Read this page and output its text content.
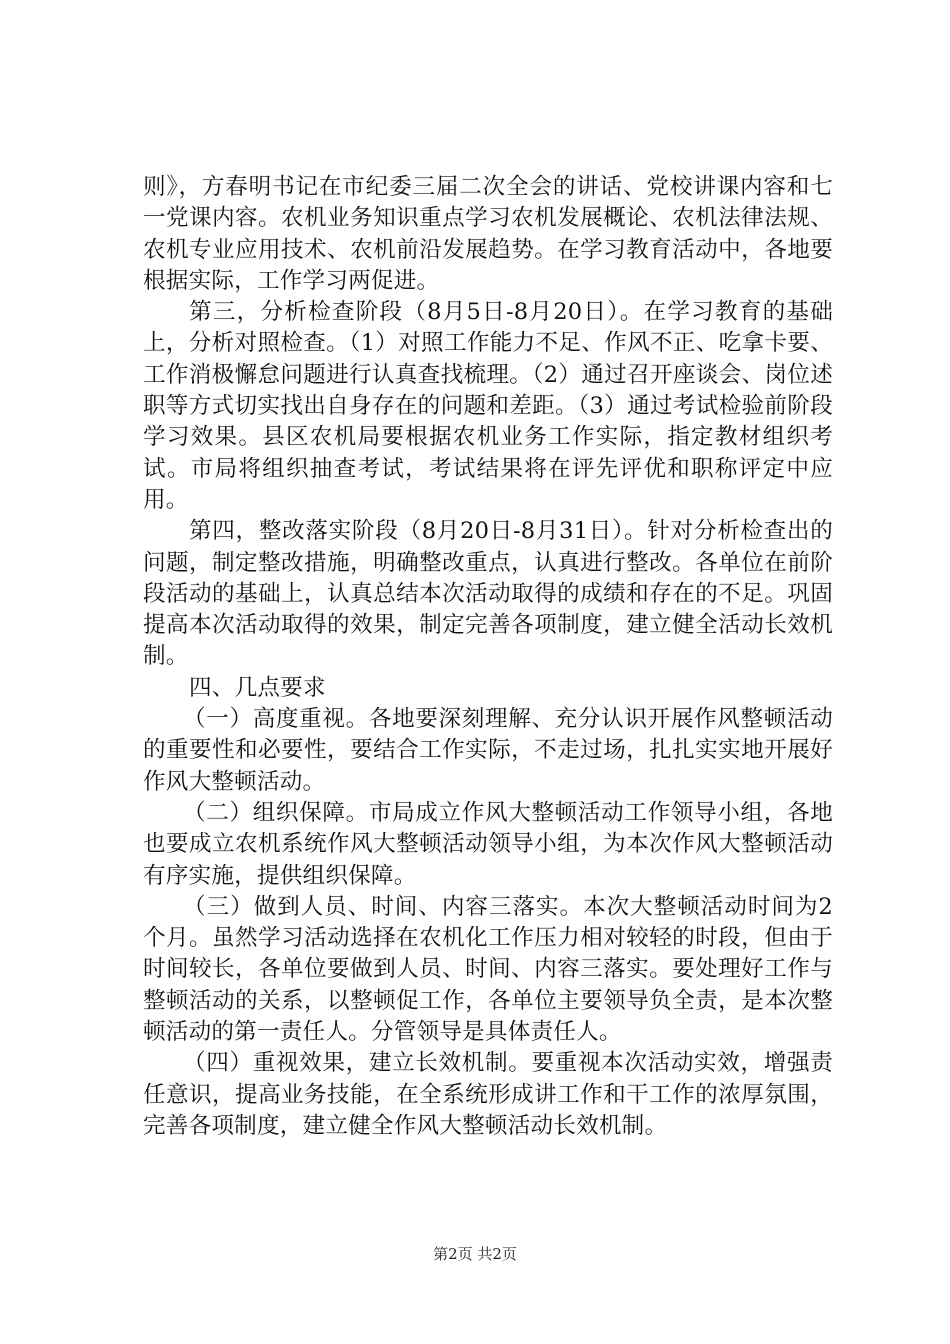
则》，方春明书记在市纪委三届二次全会的讲话、党校讲课内容和七一党课内容。农机业务知识重点学习农机发展概论、农机法律法规、农机专业应用技术、农机前沿发展趋势。在学习教育活动中，各地要根据实际，工作学习两促进。

第三，分析检查阶段（8月5日-8月20日）。在学习教育的基础上，分析对照检查。（1）对照工作能力不足、作风不正、吃拿卡要、工作消极懈怠问题进行认真查找梳理。（2）通过召开座谈会、岗位述职等方式切实找出自身存在的问题和差距。（3）通过考试检验前阶段学习效果。县区农机局要根据农机业务工作实际，指定教材组织考试。市局将组织抽查考试，考试结果将在评先评优和职称评定中应用。

第四，整改落实阶段（8月20日-8月31日）。针对分析检查出的问题，制定整改措施，明确整改重点，认真进行整改。各单位在前阶段活动的基础上，认真总结本次活动取得的成绩和存在的不足。巩固提高本次活动取得的效果，制定完善各项制度，建立健全活动长效机制。

四、几点要求

（一）高度重视。各地要深刻理解、充分认识开展作风整顿活动的重要性和必要性，要结合工作实际，不走过场，扎扎实实地开展好作风大整顿活动。

（二）组织保障。市局成立作风大整顿活动工作领导小组，各地也要成立农机系统作风大整顿活动领导小组，为本次作风大整顿活动有序实施，提供组织保障。

（三）做到人员、时间、内容三落实。本次大整顿活动时间为2个月。虽然学习活动选择在农机化工作压力相对较轻的时段，但由于时间较长，各单位要做到人员、时间、内容三落实。要处理好工作与整顿活动的关系，以整顿促工作，各单位主要领导负全责，是本次整顿活动的第一责任人。分管领导是具体责任人。

（四）重视效果，建立长效机制。要重视本次活动实效，增强责任意识，提高业务技能，在全系统形成讲工作和干工作的浓厚氛围，完善各项制度，建立健全作风大整顿活动长效机制。

第2页 共2页
